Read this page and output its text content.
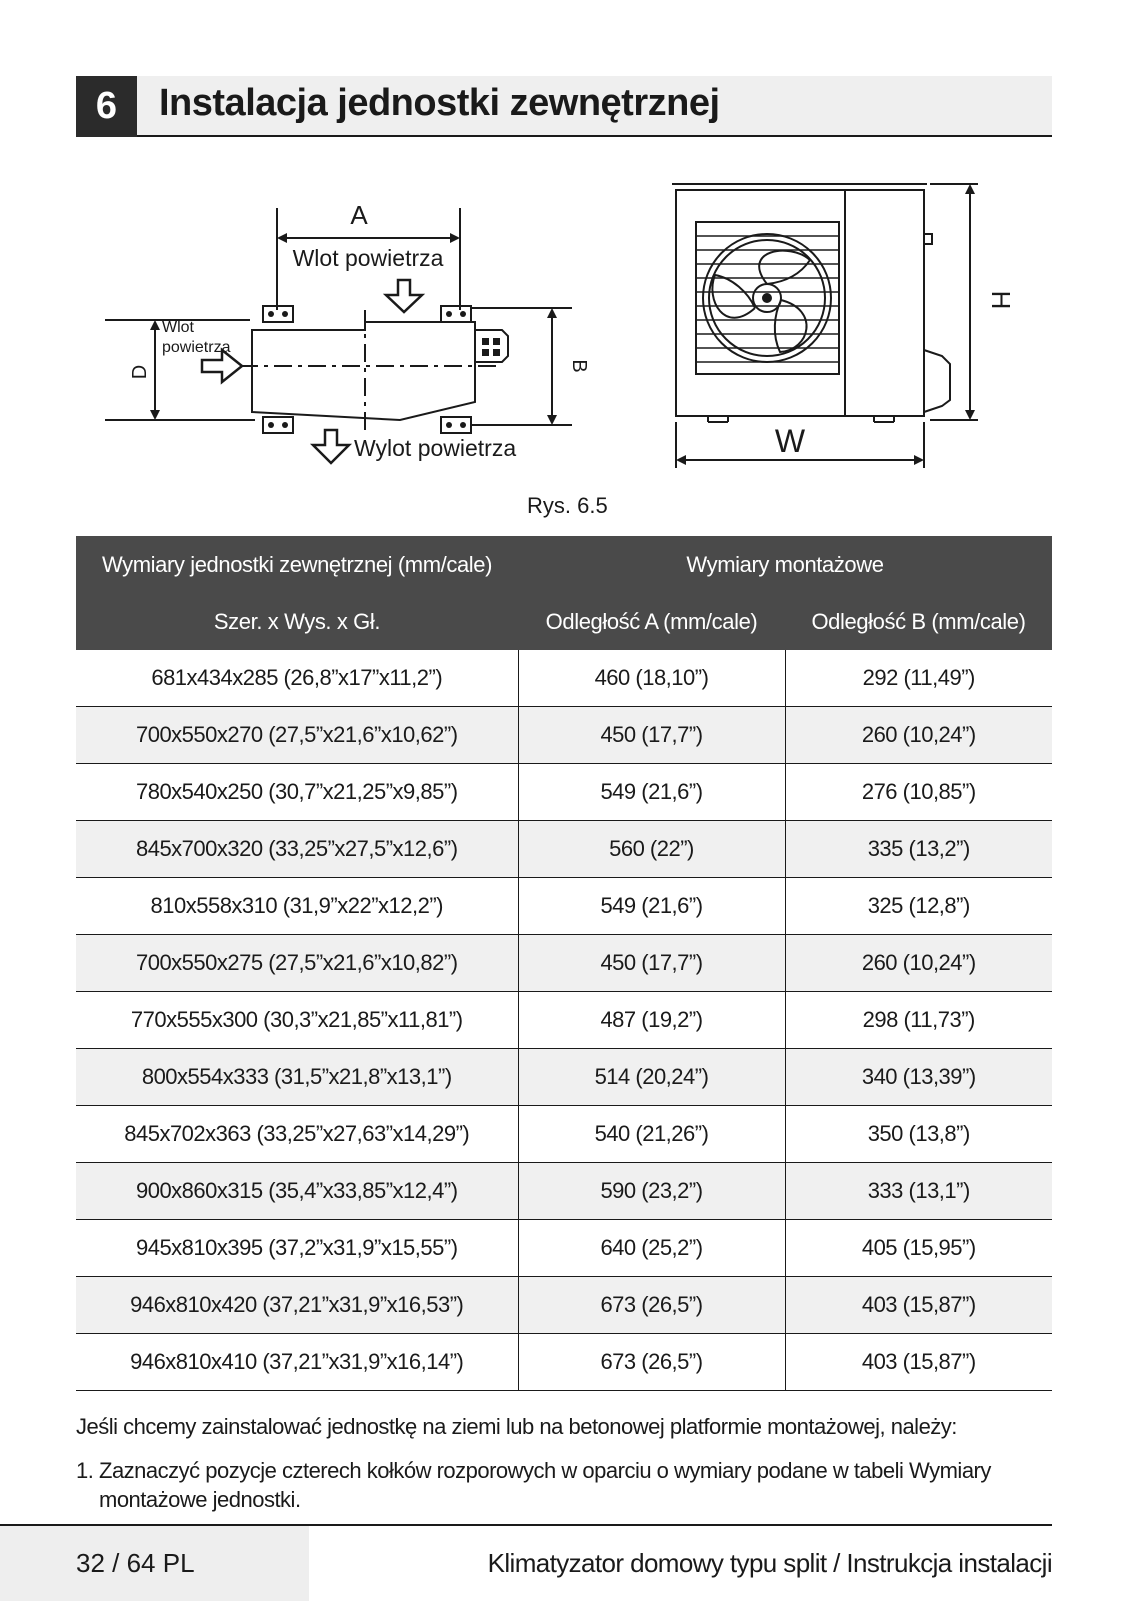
6	Instalacja jednostki zewnętrznej
A
Wlot powietrza
Wlot
powietrza
Wylot powietrza
D	B
W
H
Rys. 6.5
Wymiary jednostki zewnętrznej (mm/cale)	Wymiary montażowe	
Szer. x Wys. x Gł.	Odległość A (mm/cale)	Odległość B (mm/cale)
681x434x285 (26,8”x17”x11,2”)	460 (18,10”)	292 (11,49”)
700x550x270 (27,5”x21,6”x10,62”)	450 (17,7”)	260 (10,24”)
780x540x250 (30,7”x21,25”x9,85”)	549 (21,6”)	276 (10,85”)
845x700x320 (33,25”x27,5”x12,6”)	560 (22”)	335 (13,2”)
810x558x310 (31,9”x22”x12,2”)	549 (21,6”)	325 (12,8”)
700x550x275 (27,5”x21,6”x10,82”)	450 (17,7”)	260 (10,24”)
770x555x300 (30,3”x21,85”x11,81”)	487 (19,2”)	298 (11,73”)
800x554x333 (31,5”x21,8”x13,1”)	514 (20,24”)	340 (13,39”)
845x702x363 (33,25”x27,63”x14,29”)	540 (21,26”)	350 (13,8”)
900x860x315 (35,4”x33,85”x12,4”)	590 (23,2”)	333 (13,1”)
945x810x395 (37,2”x31,9”x15,55”)	640 (25,2”)	405 (15,95”)
946x810x420 (37,21”x31,9”x16,53”)	673 (26,5”)	403 (15,87”)
946x810x410 (37,21”x31,9”x16,14”)	673 (26,5”)	403 (15,87”)
Jeśli chcemy zainstalować jednostkę na ziemi lub na betonowej platformie montażowej, należy:
1. Zaznaczyć pozycje czterech kołków rozporowych w oparciu o wymiary podane w tabeli Wymiary montażowe jednostki.
32 / 64 PL	Klimatyzator domowy typu split / Instrukcja instalacji
